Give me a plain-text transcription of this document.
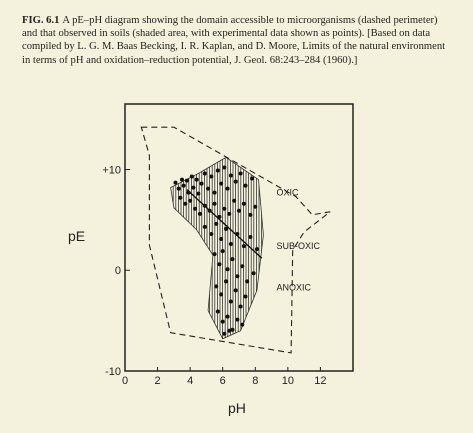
FIG. 6.1 A pE–pH diagram showing the domain accessible to microorganisms (dashed perimeter) and that observed in soils (shaded area, with experimental data shown as points). [Based on data compiled by L. G. M. Baas Becking, I. R. Kaplan, and D. Moore, Limits of the natural environment in terms of pH and oxidation–reduction potential, J. Geol. 68:243–284 (1960).]

0 2 4 6 8 10 12
+10
0
-10
OXIC
SUB-OXIC
ANOXIC
pE
pH
